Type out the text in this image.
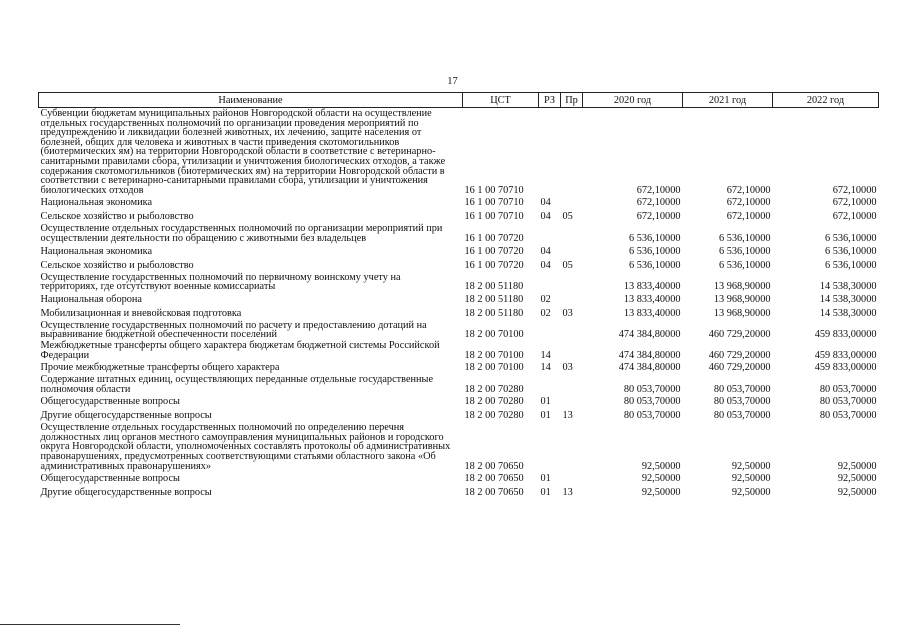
17
Наименование	ЦСТ	РЗ	Пр	2020 год	2021 год	2022 год
Субвенции бюджетам муниципальных районов Новгородской области на осуществление отдельных государственных полномочий по организации проведения мероприятий по предупреждению и ликвидации болезней животных, их лечению, защите населения от болезней, общих для человека и животных в части приведения скотомогильников (биотермических ям) на территории Новгородской области в соответствие с ветеринарно-санитарными правилами сбора, утилизации и уничтожения биологических отходов, а также содержания скотомогильников (биотермических ям) на территории Новгородской области в соответствии с ветеринарно-санитарными правилами сбора, утилизации и уничтожения биологических отходов	16 1 00 70710			672,10000	672,10000	672,10000
Национальная экономика	16 1 00 70710	04		672,10000	672,10000	672,10000
Сельское хозяйство и рыболовство	16 1 00 70710	04	05	672,10000	672,10000	672,10000
Осуществление отдельных государственных полномочий по организации мероприятий при осуществлении деятельности по обращению с животными без владельцев	16 1 00 70720			6 536,10000	6 536,10000	6 536,10000
Национальная экономика	16 1 00 70720	04		6 536,10000	6 536,10000	6 536,10000
Сельское хозяйство и рыболовство	16 1 00 70720	04	05	6 536,10000	6 536,10000	6 536,10000
Осуществление государственных полномочий по первичному воинскому учету на территориях, где отсутствуют военные комиссариаты	18 2 00 51180			13 833,40000	13 968,90000	14 538,30000
Национальная оборона	18 2 00 51180	02		13 833,40000	13 968,90000	14 538,30000
Мобилизационная и вневойсковая подготовка	18 2 00 51180	02	03	13 833,40000	13 968,90000	14 538,30000
Осуществление государственных полномочий по расчету и предоставлению дотаций на выравнивание бюджетной обеспеченности поселений	18 2 00 70100			474 384,80000	460 729,20000	459 833,00000
Межбюджетные трансферты общего характера бюджетам бюджетной системы Российской Федерации	18 2 00 70100	14		474 384,80000	460 729,20000	459 833,00000
Прочие межбюджетные трансферты общего характера	18 2 00 70100	14	03	474 384,80000	460 729,20000	459 833,00000
Содержание штатных единиц, осуществляющих переданные отдельные государственные полномочия области	18 2 00 70280			80 053,70000	80 053,70000	80 053,70000
Общегосударственные вопросы	18 2 00 70280	01		80 053,70000	80 053,70000	80 053,70000
Другие общегосударственные вопросы	18 2 00 70280	01	13	80 053,70000	80 053,70000	80 053,70000
Осуществление отдельных государственных полномочий по определению перечня должностных лиц органов местного самоуправления муниципальных районов и городского округа Новгородской области, уполномоченных составлять протоколы об административных правонарушениях, предусмотренных соответствующими статьями областного закона «Об административных правонарушениях»	18 2 00 70650			92,50000	92,50000	92,50000
Общегосударственные вопросы	18 2 00 70650	01		92,50000	92,50000	92,50000
Другие общегосударственные вопросы	18 2 00 70650	01	13	92,50000	92,50000	92,50000
